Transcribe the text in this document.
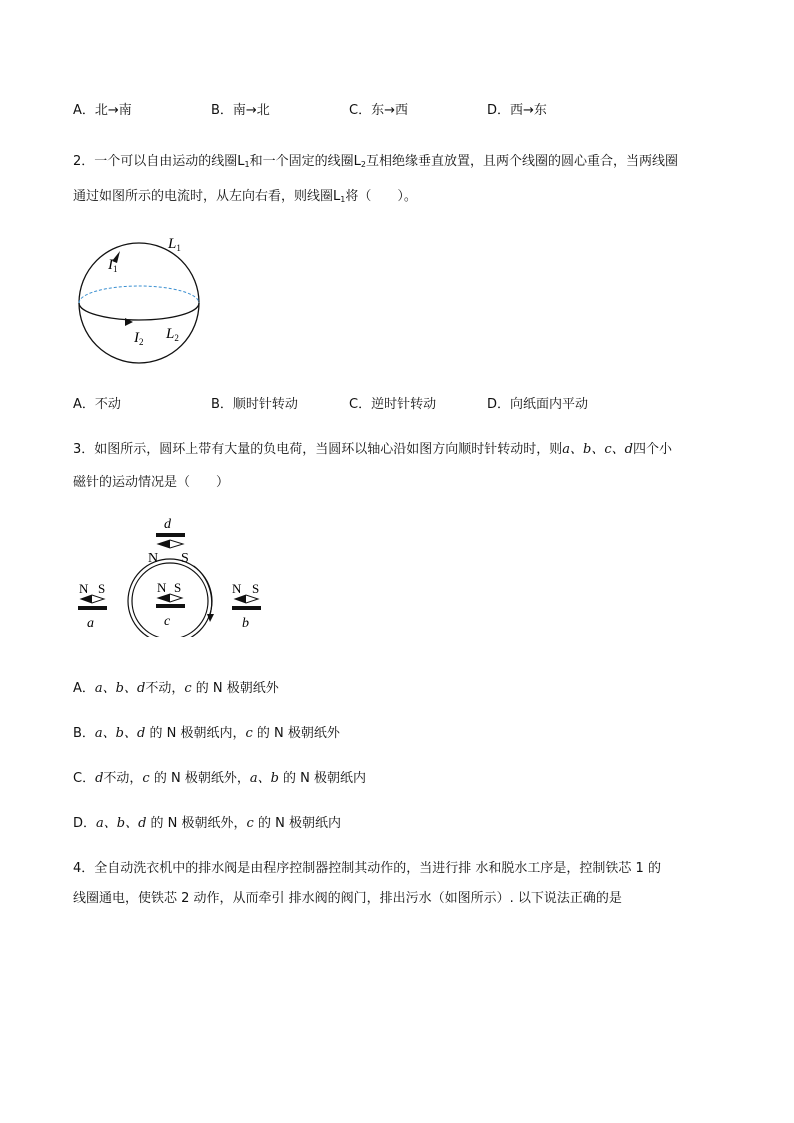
A．北→南	B．南→北	C．东→西	D．西→东
2．一个可以自由运动的线圈$L_1$和一个固定的线圈$L_2$互相绝缘垂直放置，且两个线圈的圆心重合，当两线圈
通过如图所示的电流时，从左向右看，则线圈$L_1$将（　　）。
$L_1$
$I_1$
$I_2$ $L_2$
A．不动	B．顺时针转动	C．逆时针转动	D．向纸面内平动
3．如图所示，圆环上带有大量的负电荷，当圆环以轴心沿如图方向顺时针转动时，则a、b、c、d四个小
磁针的运动情况是（　　）
d
N S
N S
c
N S
a
N S
b
A．a、b、d不动，c 的 N 极朝纸外
B．a、b、d 的 N 极朝纸内，c 的 N 极朝纸外
C．d不动，c 的 N 极朝纸外，a、b 的 N 极朝纸内
D．a、b、d 的 N 极朝纸外，c 的 N 极朝纸内
4．全自动洗衣机中的排水阀是由程序控制器控制其动作的，当进行排 水和脱水工序是，控制铁芯 1 的
线圈通电，使铁芯 2 动作，从而牵引 排水阀的阀门，排出污水（如图所示）. 以下说法正确的是
